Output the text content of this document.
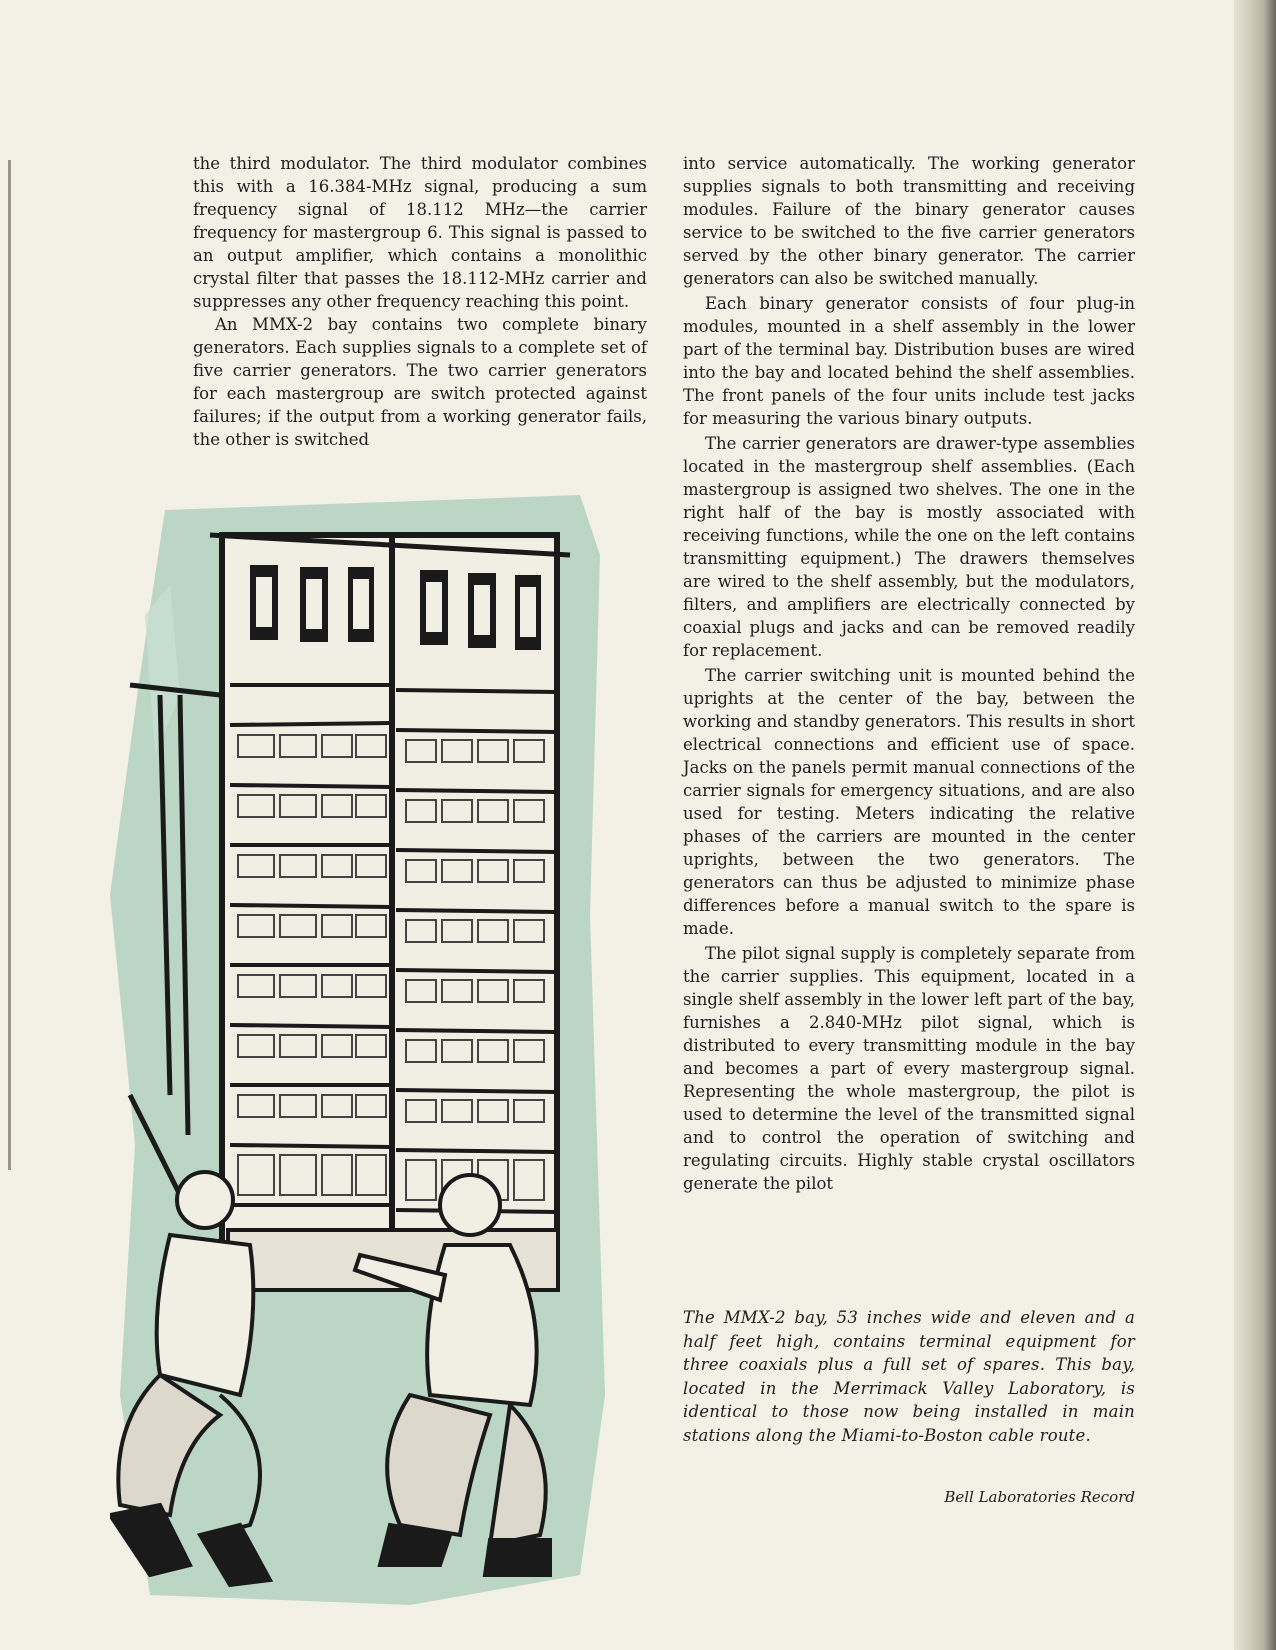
the third modulator. The third modulator combines this with a 16.384-MHz signal, producing a sum frequency signal of 18.112 MHz—the carrier frequency for mastergroup 6. This signal is passed to an output amplifier, which contains a monolithic crystal filter that passes the 18.112-MHz carrier and suppresses any other frequency reaching this point.

An MMX-2 bay contains two complete binary generators. Each supplies signals to a complete set of five carrier generators. The two carrier generators for each mastergroup are switch protected against failures; if the output from a working generator fails, the other is switched

into service automatically. The working generator supplies signals to both transmitting and receiving modules. Failure of the binary generator causes service to be switched to the five carrier generators served by the other binary generator. The carrier generators can also be switched manually.

Each binary generator consists of four plug-in modules, mounted in a shelf assembly in the lower part of the terminal bay. Distribution buses are wired into the bay and located behind the shelf assemblies. The front panels of the four units include test jacks for measuring the various binary outputs.

The carrier generators are drawer-type assemblies located in the mastergroup shelf assemblies. (Each mastergroup is assigned two shelves. The one in the right half of the bay is mostly associated with receiving functions, while the one on the left contains transmitting equipment.) The drawers themselves are wired to the shelf assembly, but the modulators, filters, and amplifiers are electrically connected by coaxial plugs and jacks and can be removed readily for replacement.

The carrier switching unit is mounted behind the uprights at the center of the bay, between the working and standby generators. This results in short electrical connections and efficient use of space. Jacks on the panels permit manual connections of the carrier signals for emergency situations, and are also used for testing. Meters indicating the relative phases of the carriers are mounted in the center uprights, between the two generators. The generators can thus be adjusted to minimize phase differences before a manual switch to the spare is made.

The pilot signal supply is completely separate from the carrier supplies. This equipment, located in a single shelf assembly in the lower left part of the bay, furnishes a 2.840-MHz pilot signal, which is distributed to every transmitting module in the bay and becomes a part of every mastergroup signal. Representing the whole mastergroup, the pilot is used to determine the level of the transmitted signal and to control the operation of switching and regulating circuits. Highly stable crystal oscillators generate the pilot

The MMX-2 bay, 53 inches wide and eleven and a half feet high, contains terminal equipment for three coaxials plus a full set of spares. This bay, located in the Merrimack Valley Laboratory, is identical to those now being installed in main stations along the Miami-to-Boston cable route.
Bell Laboratories Record
